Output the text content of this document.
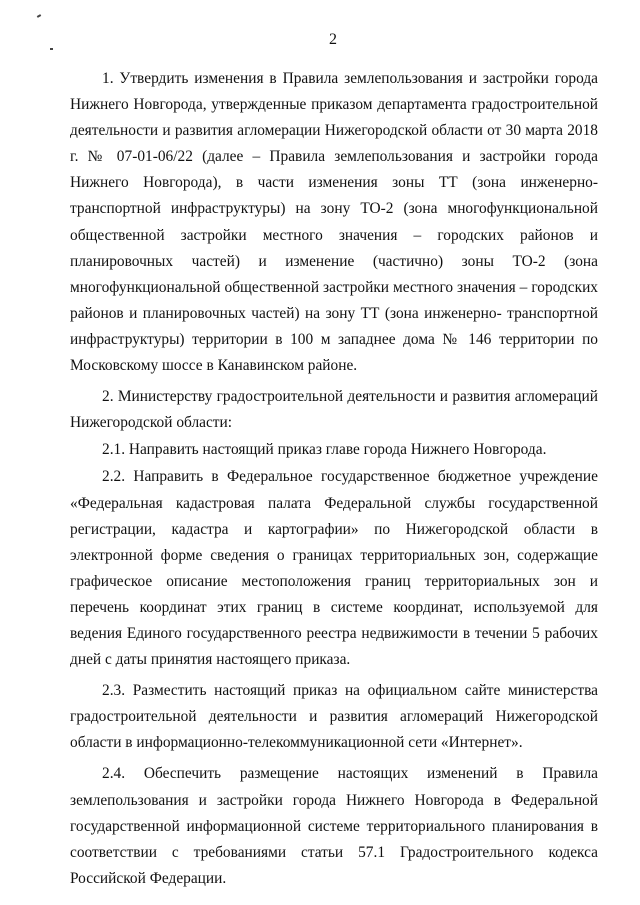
2

1. Утвердить изменения в Правила землепользования и застройки города Нижнего Новгорода, утвержденные приказом департамента градостроительной деятельности и развития агломерации Нижегородской области от 30 марта 2018 г. № 07-01-06/22 (далее – Правила землепользования и застройки города Нижнего Новгорода), в части изменения зоны ТТ (зона инженерно-транспортной инфраструктуры) на зону ТО-2 (зона многофункциональной общественной застройки местного значения – городских районов и планировочных частей) и изменение (частично) зоны ТО-2 (зона многофункциональной общественной застройки местного значения – городских районов и планировочных частей) на зону ТТ (зона инженерно- транспортной инфраструктуры) территории в 100 м западнее дома № 146 территории по Московскому шоссе в Канавинском районе.

2. Министерству градостроительной деятельности и развития агломераций Нижегородской области:

2.1. Направить настоящий приказ главе города Нижнего Новгорода.

2.2. Направить в Федеральное государственное бюджетное учреждение «Федеральная кадастровая палата Федеральной службы государственной регистрации, кадастра и картографии» по Нижегородской области в электронной форме сведения о границах территориальных зон, содержащие графическое описание местоположения границ территориальных зон и перечень координат этих границ в системе координат, используемой для ведения Единого государственного реестра недвижимости в течении 5 рабочих дней с даты принятия настоящего приказа.

2.3. Разместить настоящий приказ на официальном сайте министерства градостроительной деятельности и развития агломераций Нижегородской области в информационно-телекоммуникационной сети «Интернет».

2.4. Обеспечить размещение настоящих изменений в Правила землепользования и застройки города Нижнего Новгорода в Федеральной государственной информационной системе территориального планирования в соответствии с требованиями статьи 57.1 Градостроительного кодекса Российской Федерации.
